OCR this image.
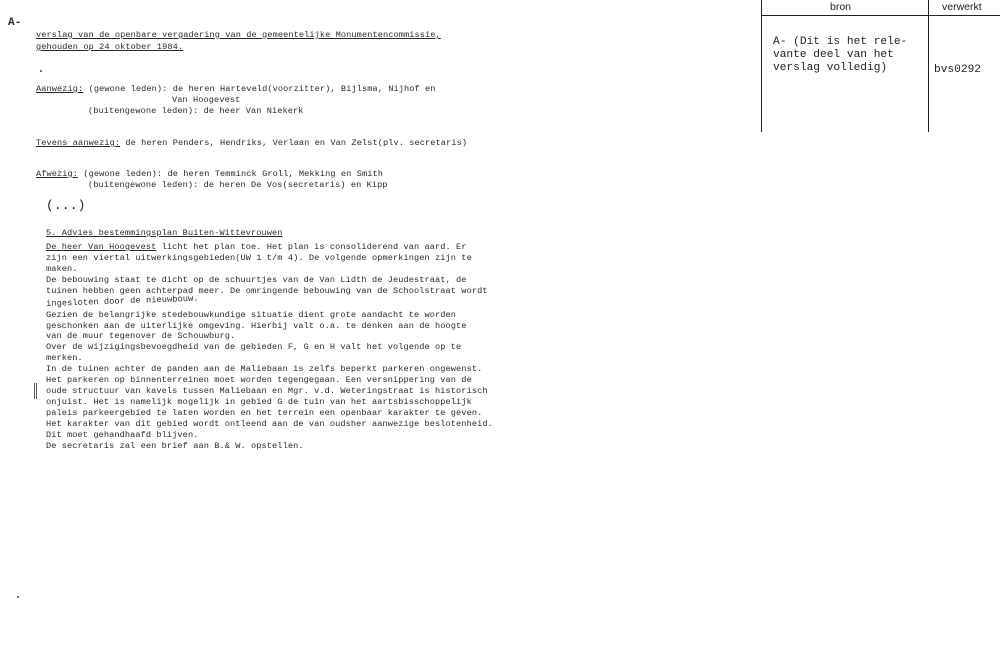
A-
verslag van de openbare vergadering van de gemeentelijke Monumentencommissie,
gehouden op 24 oktober 1984.
Aanwezig: (gewone leden): de heren Harteveld(voorzitter), Bijlsma, Nijhof en
Van Hoogevest
(buitengewone leden): de heer Van Niekerk
Tevens aanwezig: de heren Penders, Hendriks, Verlaan en Van Zelst(plv. secretaris)
Afwezig: (gewone leden): de heren Temminck Groll, Mekking en Smith
(buitengewone leden): de heren De Vos(secretaris) en Kipp
(...)
5. Advies bestemmingsplan Buiten-Wittevrouwen
De heer Van Hoogevest licht het plan toe. Het plan is consoliderend van aard. Er
zijn een viertal uitwerkingsgebieden(UW 1 t/m 4). De volgende opmerkingen zijn te
maken.
De bebouwing staat te dicht op de schuurtjes van de Van Lidth de Jeudestraat, de
tuinen hebben geen achterpad meer. De omringende bebouwing van de Schoolstraat wordt
ingesloten door de nieuwbouw.
Gezien de belangrijke stedebouwkundige situatie dient grote aandacht te worden
geschonken aan de uiterlijke omgeving. Hierbij valt o.a. te denken aan de hoogte
van de muur tegenover de Schouwburg.
Over de wijzigingsbevoegdheid van de gebieden F, G en H valt het volgende op te
merken.
In de tuinen achter de panden aan de Maliebaan is zelfs beperkt parkeren ongewenst.
Het parkeren op binnenterreinen moet worden tegengegaan. Een versnippering van de
oude structuur van kavels tussen Maliebaan en Mgr. v.d. Weteringstraat is historisch
onjuist. Het is namelijk mogelijk in gebied G de tuin van het aartsbisschoppelijk
paleis parkeergebied te laten worden en het terrein een openbaar karakter te geven.
Het karakter van dit gebied wordt ontleend aan de van oudsher aanwezige beslotenheid.
Dit moet gehandhaafd blijven.
De secretaris zal een brief aan B.& W. opstellen.
bron	verwerkt
A- (Dit is het rele-
vante deel van het
verslag volledig)	bvs0292
